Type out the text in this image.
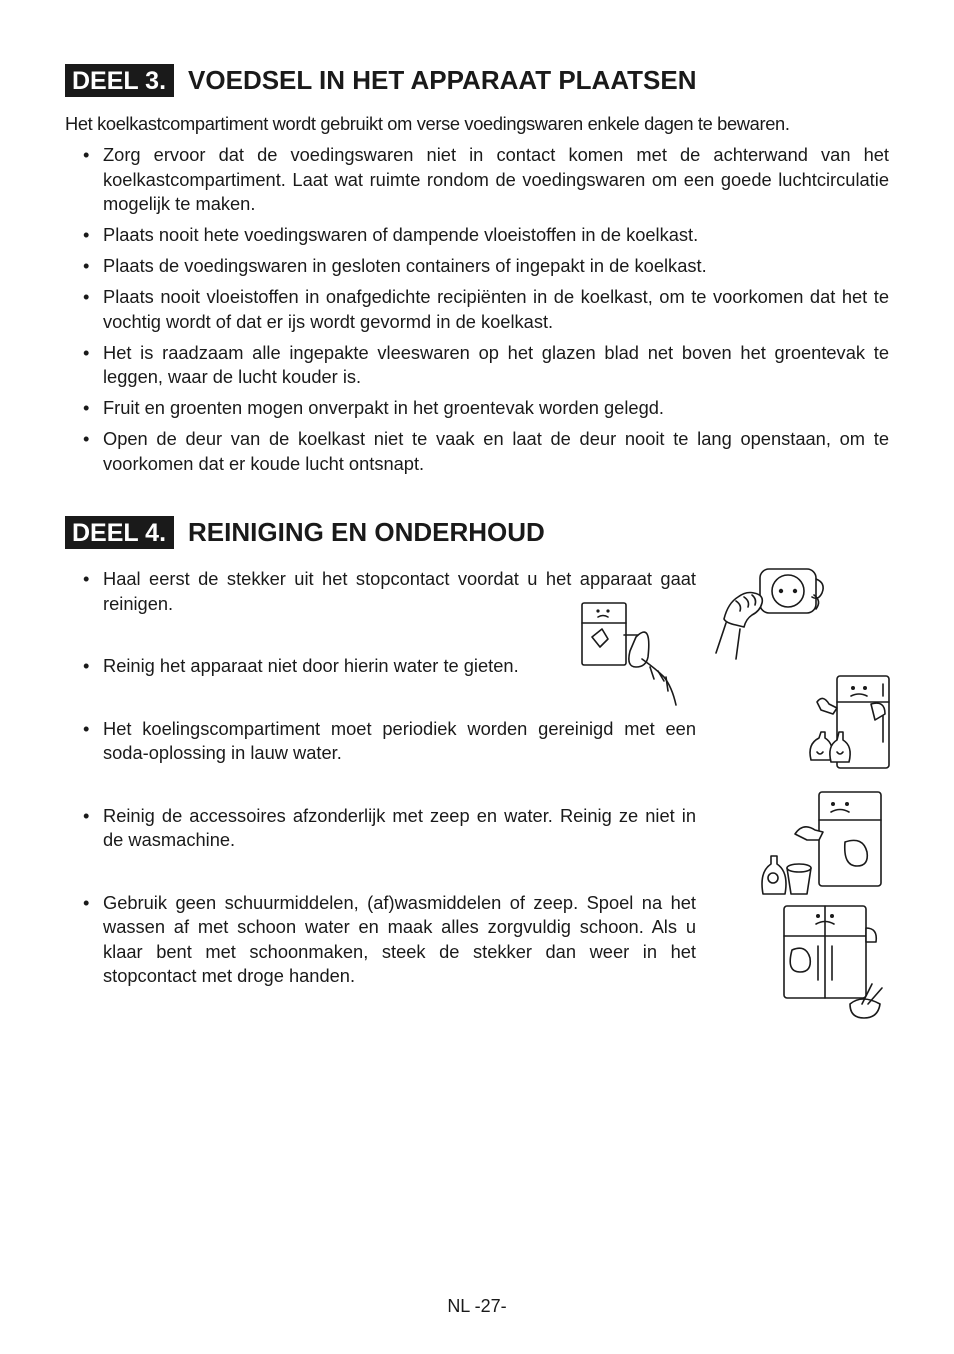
DEEL 3. VOEDSEL IN HET APPARAAT PLAATSEN
Het koelkastcompartiment wordt gebruikt om verse voedingswaren enkele dagen te bewaren.
• Zorg ervoor dat de voedingswaren niet in contact komen met de achterwand van het koelkastcompartiment. Laat wat ruimte rondom de voedingswaren om een goede luchtcirculatie mogelijk te maken.
• Plaats nooit hete voedingswaren of dampende vloeistoffen in de koelkast.
• Plaats de voedingswaren in gesloten containers of ingepakt in de koelkast.
• Plaats nooit vloeistoffen in onafgedichte recipiënten in de koelkast, om te voorkomen dat het te vochtig wordt of dat er ijs wordt gevormd in de koelkast.
• Het is raadzaam alle ingepakte vleeswaren op het glazen blad net boven het groentevak te leggen, waar de lucht kouder is.
• Fruit en groenten mogen onverpakt in het groentevak worden gelegd.
• Open de deur van de koelkast niet te vaak en laat de deur nooit te lang openstaan, om te voorkomen dat er koude lucht ontsnapt.
DEEL 4. REINIGING EN ONDERHOUD
• Haal eerst de stekker uit het stopcontact voordat u het apparaat gaat reinigen.
• Reinig het apparaat niet door hierin water te gieten.
• Het koelingscompartiment moet periodiek worden gereinigd met een soda-oplossing in lauw water.
• Reinig de accessoires afzonderlijk met zeep en water. Reinig ze niet in de wasmachine.
• Gebruik geen schuurmiddelen, (af)wasmiddelen of zeep. Spoel na het wassen af met schoon water en maak alles zorgvuldig schoon. Als u klaar bent met schoonmaken, steek de stekker dan weer in het stopcontact met droge handen.
NL -27-
